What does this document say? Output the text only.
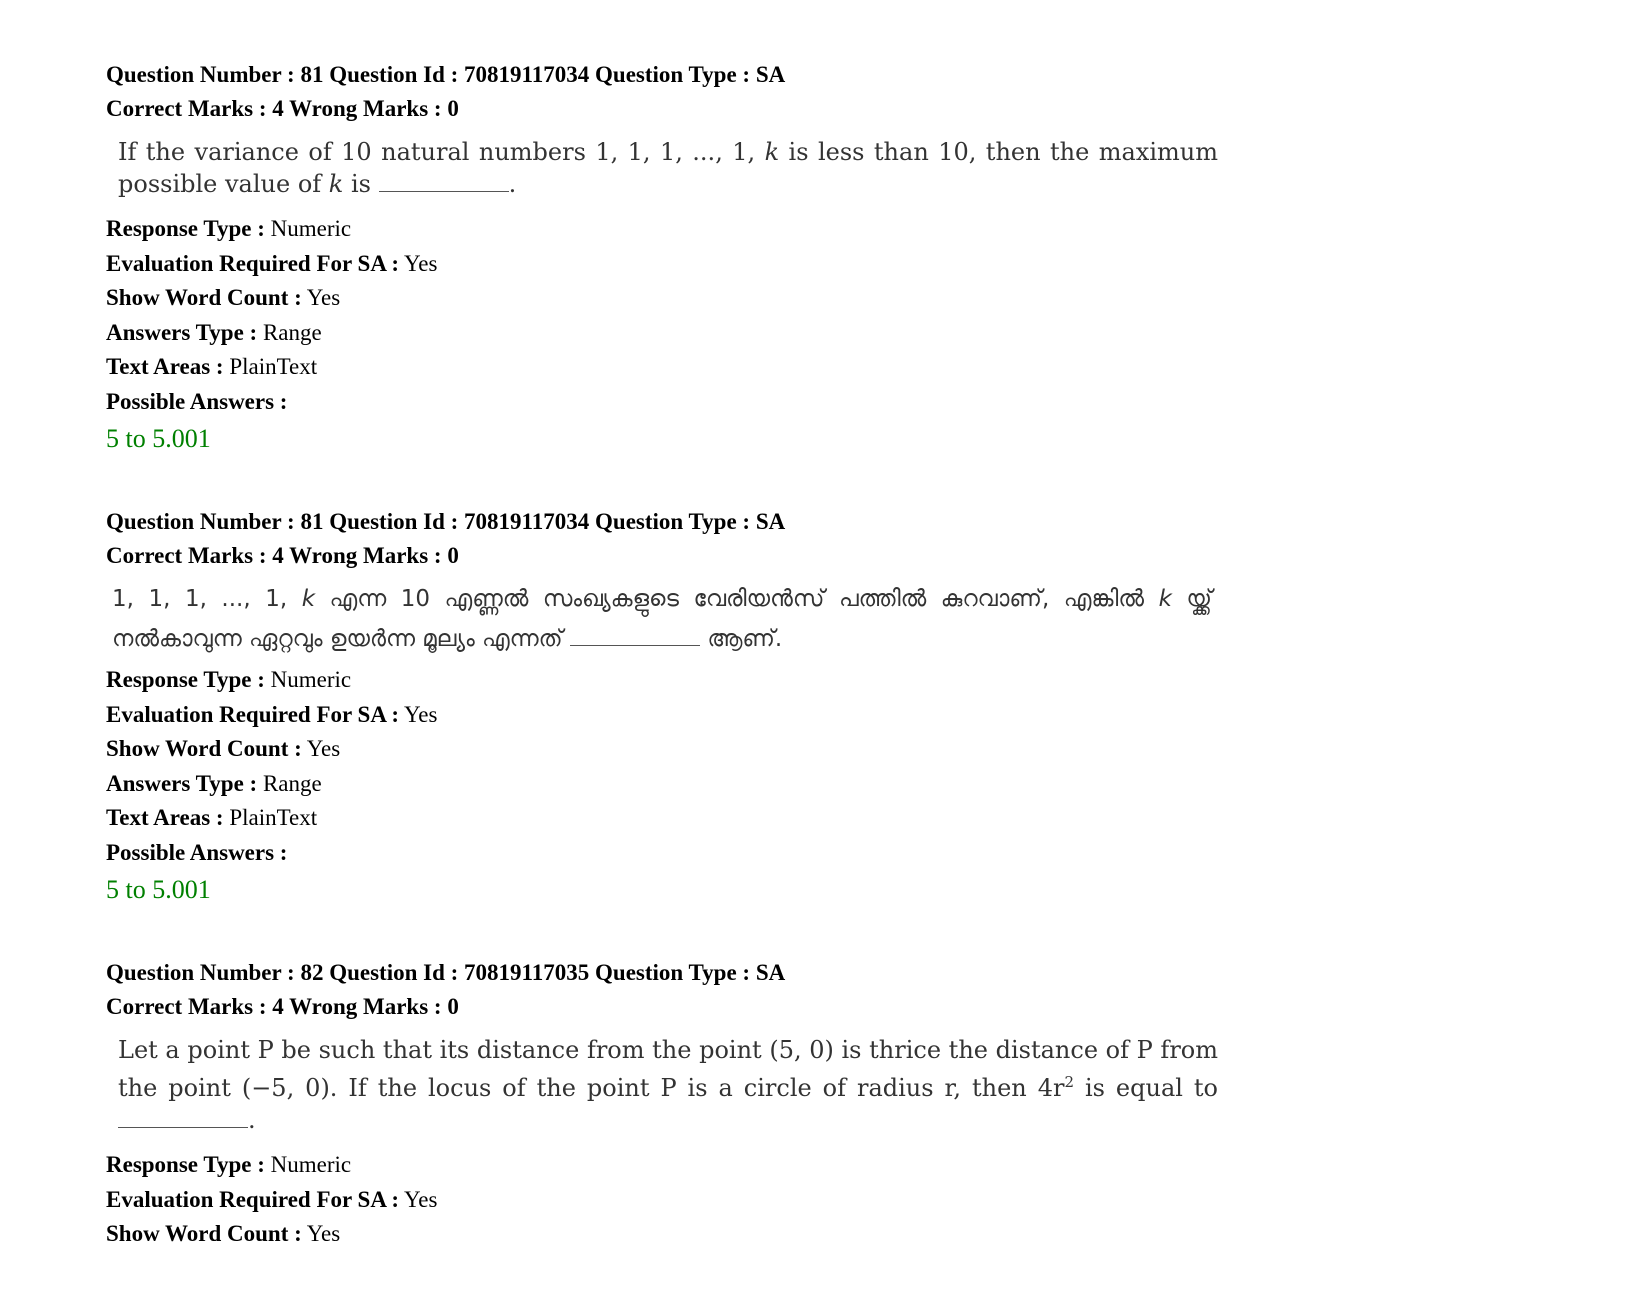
Question Number : 81 Question Id : 70819117034 Question Type : SA
Correct Marks : 4 Wrong Marks : 0
If the variance of 10 natural numbers 1, 1, 1, ..., 1, k is less than 10, then the maximum possible value of k is	.
Response Type : Numeric
Evaluation Required For SA : Yes
Show Word Count : Yes
Answers Type : Range
Text Areas : PlainText
Possible Answers :
5 to 5.001
Question Number : 81 Question Id : 70819117034 Question Type : SA
Correct Marks : 4 Wrong Marks : 0
1, 1, 1, ..., 1, k എന്ന 10 എണ്ണൽ സംഖ്യകളുടെ വേരിയൻസ് പത്തിൽ കുറവാണ്, എങ്കിൽ k യ്ക്ക് നൽകാവുന്ന ഏറ്റവും ഉയർന്ന മൂല്യം എന്നത്	ആണ്.
Response Type : Numeric
Evaluation Required For SA : Yes
Show Word Count : Yes
Answers Type : Range
Text Areas : PlainText
Possible Answers :
5 to 5.001
Question Number : 82 Question Id : 70819117035 Question Type : SA
Correct Marks : 4 Wrong Marks : 0
Let a point P be such that its distance from the point (5, 0) is thrice the distance of P from the point (−5, 0). If the locus of the point P is a circle of radius r, then $4r^2$ is equal to .
Response Type : Numeric
Evaluation Required For SA : Yes
Show Word Count : Yes
